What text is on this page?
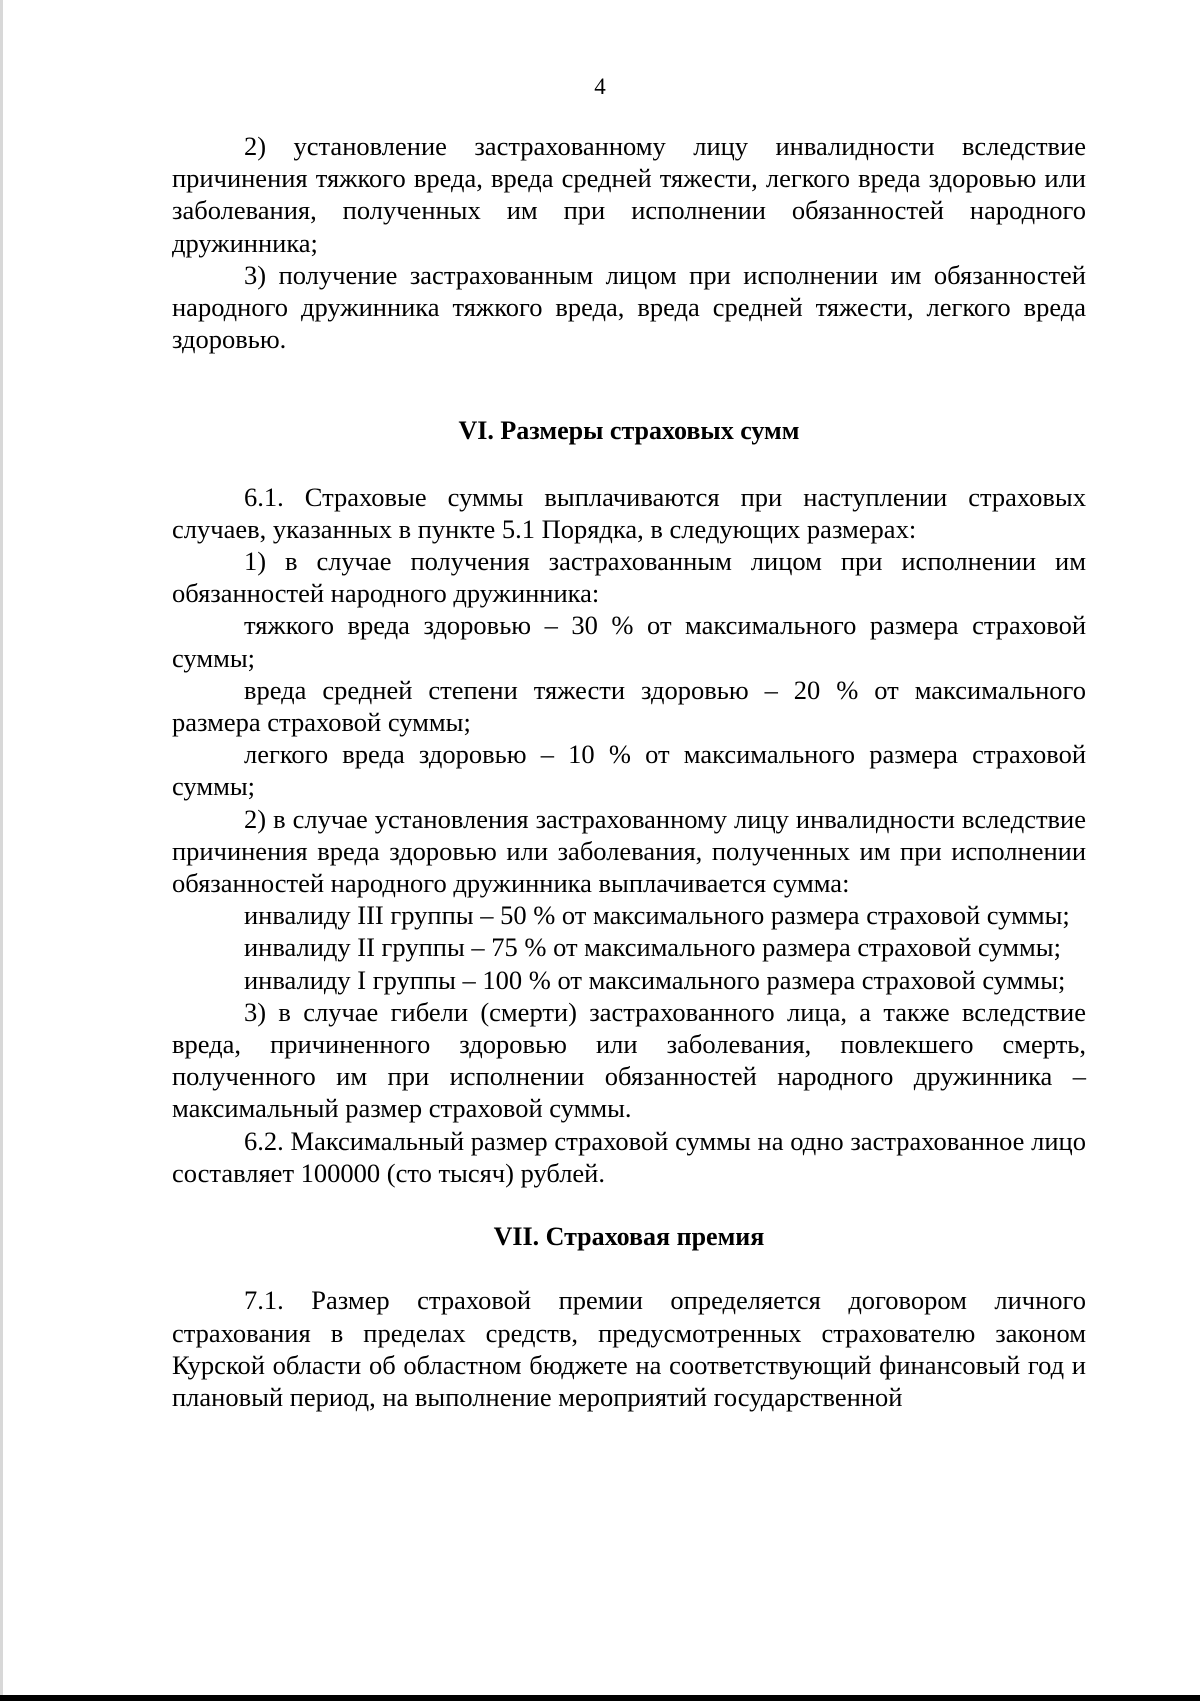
4

2) установление застрахованному лицу инвалидности вследствие причинения тяжкого вреда, вреда средней тяжести, легкого вреда здоровью или заболевания, полученных им при исполнении обязанностей народного дружинника;

3) получение застрахованным лицом при исполнении им обязанностей народного дружинника тяжкого вреда, вреда средней тяжести, легкого вреда здоровью.

VI. Размеры страховых сумм

6.1. Страховые суммы выплачиваются при наступлении страховых случаев, указанных в пункте 5.1 Порядка, в следующих размерах:

1) в случае получения застрахованным лицом при исполнении им обязанностей народного дружинника:

тяжкого вреда здоровью – 30 % от максимального размера страховой суммы;

вреда средней степени тяжести здоровью – 20 % от максимального размера страховой суммы;

легкого вреда здоровью – 10 % от максимального размера страховой суммы;

2) в случае установления застрахованному лицу инвалидности вследствие причинения вреда здоровью или заболевания, полученных им при исполнении обязанностей народного дружинника выплачивается сумма:

инвалиду III группы – 50 % от максимального размера страховой суммы;

инвалиду II группы – 75 % от максимального размера страховой суммы;

инвалиду I группы – 100 % от максимального размера страховой суммы;

3) в случае гибели (смерти) застрахованного лица, а также вследствие вреда, причиненного здоровью или заболевания, повлекшего смерть, полученного им при исполнении обязанностей народного дружинника – максимальный размер страховой суммы.

6.2. Максимальный размер страховой суммы на одно застрахованное лицо составляет 100000 (сто тысяч) рублей.

VII. Страховая премия

7.1. Размер страховой премии определяется договором личного страхования в пределах средств, предусмотренных страхователю законом Курской области об областном бюджете на соответствующий финансовый год и плановый период, на выполнение мероприятий государственной
